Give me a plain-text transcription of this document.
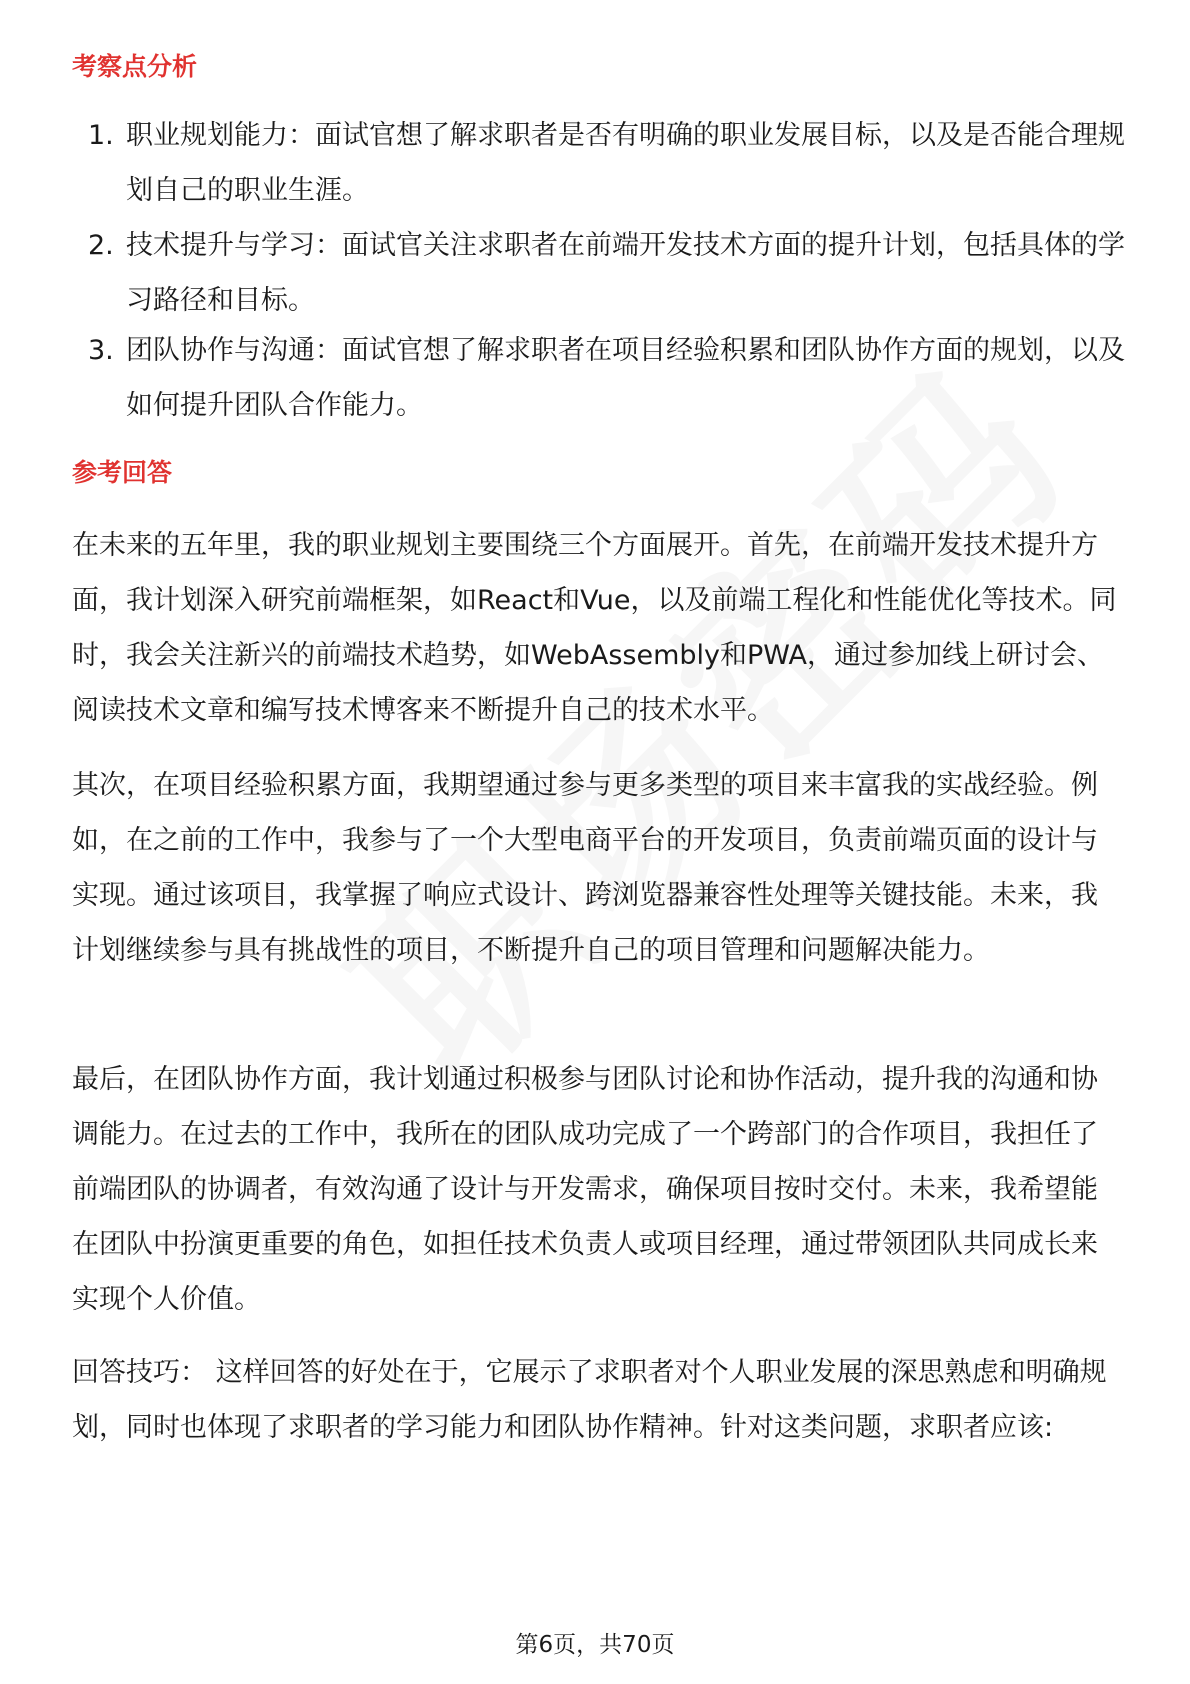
考察点分析
1. 职业规划能力：面试官想了解求职者是否有明确的职业发展目标，以及是否能合理规划自己的职业生涯。
2. 技术提升与学习：面试官关注求职者在前端开发技术方面的提升计划，包括具体的学习路径和目标。
3. 团队协作与沟通：面试官想了解求职者在项目经验积累和团队协作方面的规划，以及如何提升团队合作能力。
参考回答

在未来的五年里，我的职业规划主要围绕三个方面展开。首先，在前端开发技术提升方面，我计划深入研究前端框架，如React和Vue，以及前端工程化和性能优化等技术。同时，我会关注新兴的前端技术趋势，如WebAssembly和PWA，通过参加线上研讨会、阅读技术文章和编写技术博客来不断提升自己的技术水平。

其次，在项目经验积累方面，我期望通过参与更多类型的项目来丰富我的实战经验。例如，在之前的工作中，我参与了一个大型电商平台的开发项目，负责前端页面的设计与实现。通过该项目，我掌握了响应式设计、跨浏览器兼容性处理等关键技能。未来，我计划继续参与具有挑战性的项目，不断提升自己的项目管理和问题解决能力。

最后，在团队协作方面，我计划通过积极参与团队讨论和协作活动，提升我的沟通和协调能力。在过去的工作中，我所在的团队成功完成了一个跨部门的合作项目，我担任了前端团队的协调者，有效沟通了设计与开发需求，确保项目按时交付。未来，我希望能在团队中扮演更重要的角色，如担任技术负责人或项目经理，通过带领团队共同成长来实现个人价值。

回答技巧： 这样回答的好处在于，它展示了求职者对个人职业发展的深思熟虑和明确规划，同时也体现了求职者的学习能力和团队协作精神。针对这类问题，求职者应该:

第6页，共70页
